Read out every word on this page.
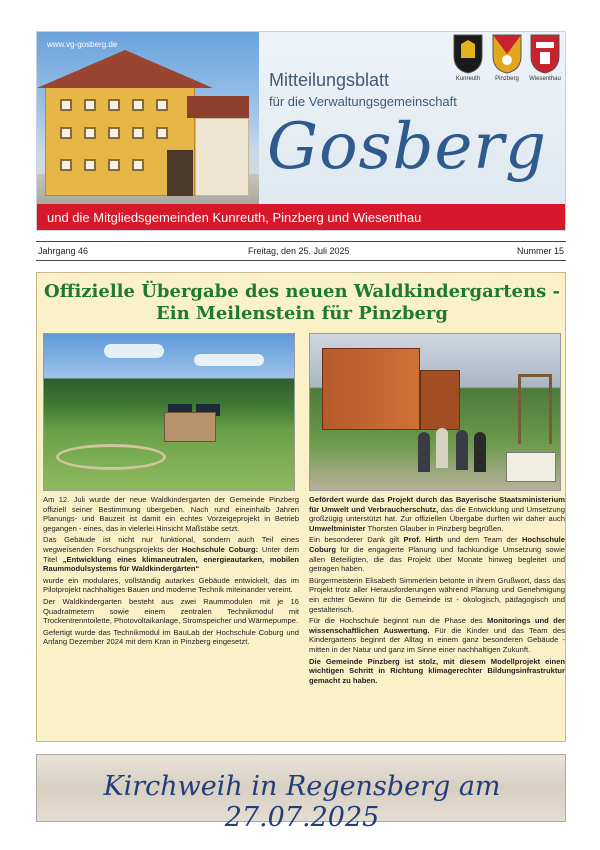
www.vg-gosberg.de
Mitteilungsblatt
für die Verwaltungsgemeinschaft
Gosberg
Kunreuth	Pinzberg	Wiesenthau
und die Mitgliedsgemeinden Kunreuth, Pinzberg und Wiesenthau
Jahrgang 46	Freitag, den 25. Juli 2025	Nummer 15
Offizielle Übergabe des neuen Waldkindergartens -
Ein Meilenstein für Pinzberg

Am 12. Juli wurde der neue Waldkindergarten der Gemeinde Pinzberg offiziell seiner Bestimmung übergeben. Nach rund eineinhalb Jahren Planungs- und Bauzeit ist damit ein echtes Vorzeigeprojekt in Betrieb gegangen - eines, das in vielerlei Hinsicht Maßstäbe setzt.

Das Gebäude ist nicht nur funktional, sondern auch Teil eines wegweisenden Forschungsprojekts der Hochschule Coburg: Unter dem Titel „Entwicklung eines klimaneutralen, energieautarken, mobilen Raummodulsystems für Waldkindergärten“

wurde ein modulares, vollständig autarkes Gebäude entwickelt, das im Pilotprojekt nachhaltiges Bauen und moderne Technik miteinander vereint.

Der Waldkindergarten besteht aus zwei Raummodulen mit je 16 Quadratmetern sowie einem zentralen Technikmodul mit Trockentrenntoilette, Photovoltaikanlage, Stromspeicher und Wärmepumpe.

Gefertigt wurde das Technikmodul im BauLab der Hochschule Coburg und Anfang Dezember 2024 mit dem Kran in Pinzberg eingesetzt.

Gefördert wurde das Projekt durch das Bayerische Staatsministerium für Umwelt und Verbraucherschutz, das die Entwicklung und Umsetzung großzügig unterstützt hat. Zur offiziellen Übergabe durften wir daher auch Umweltminister Thorsten Glauber in Pinzberg begrüßen.

Ein besonderer Dank gilt Prof. Hirth und dem Team der Hochschule Coburg für die engagierte Planung und fachkundige Umsetzung sowie allen Beteiligten, die das Projekt über Monate hinweg begleitet und getragen haben.

Bürgermeisterin Elisabeth Simmerlein betonte in ihrem Grußwort, dass das Projekt trotz aller Herausforderungen während Planung und Genehmigung ein echter Gewinn für die Gemeinde ist - ökologisch, pädagogisch und gestalterisch.

Für die Hochschule beginnt nun die Phase des Monitorings und der wissenschaftlichen Auswertung. Für die Kinder und das Team des Kindergartens beginnt der Alltag in einem ganz besonderen Gebäude - mitten in der Natur und ganz im Sinne einer nachhaltigen Zukunft.

Die Gemeinde Pinzberg ist stolz, mit diesem Modellprojekt einen wichtigen Schritt in Richtung klimagerechter Bildungsinfrastruktur gemacht zu haben.

Kirchweih in Regensberg am 27.07.2025
